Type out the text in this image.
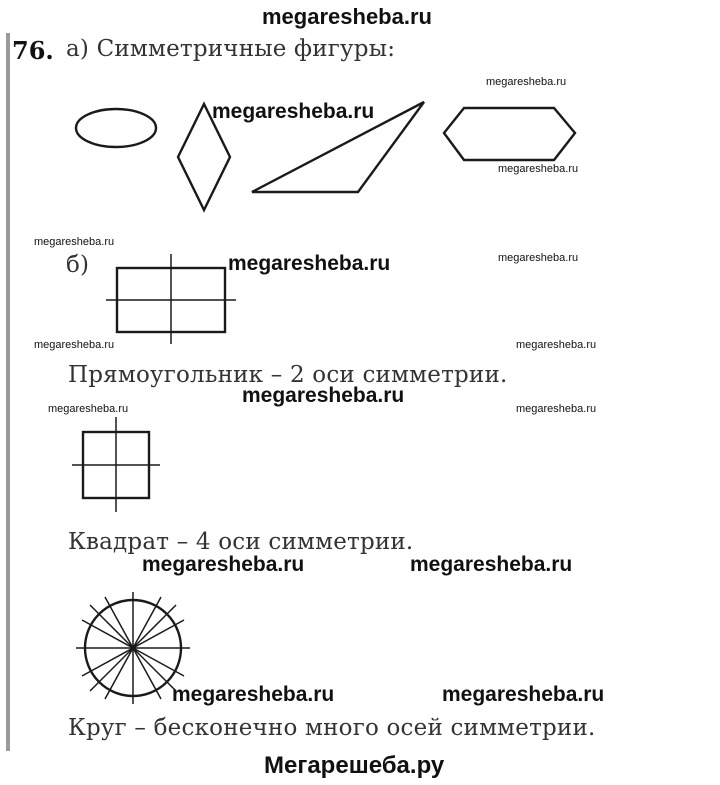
megaresheba.ru
76. а) Симметричные фигуры:
б)
Прямоугольник – 2 оси симметрии.
Квадрат – 4 оси симметрии.
Круг – бесконечно много осей симметрии.
megaresheba.ru
megaresheba.ru
megaresheba.ru
megaresheba.ru	megaresheba.ru
megaresheba.ru	megaresheba.ru
megaresheba.ru
megaresheba.ru
megaresheba.ru
megaresheba.ru
megaresheba.ru	megaresheba.ru
megaresheba.ru	megaresheba.ru
Мегарешеба.ру
